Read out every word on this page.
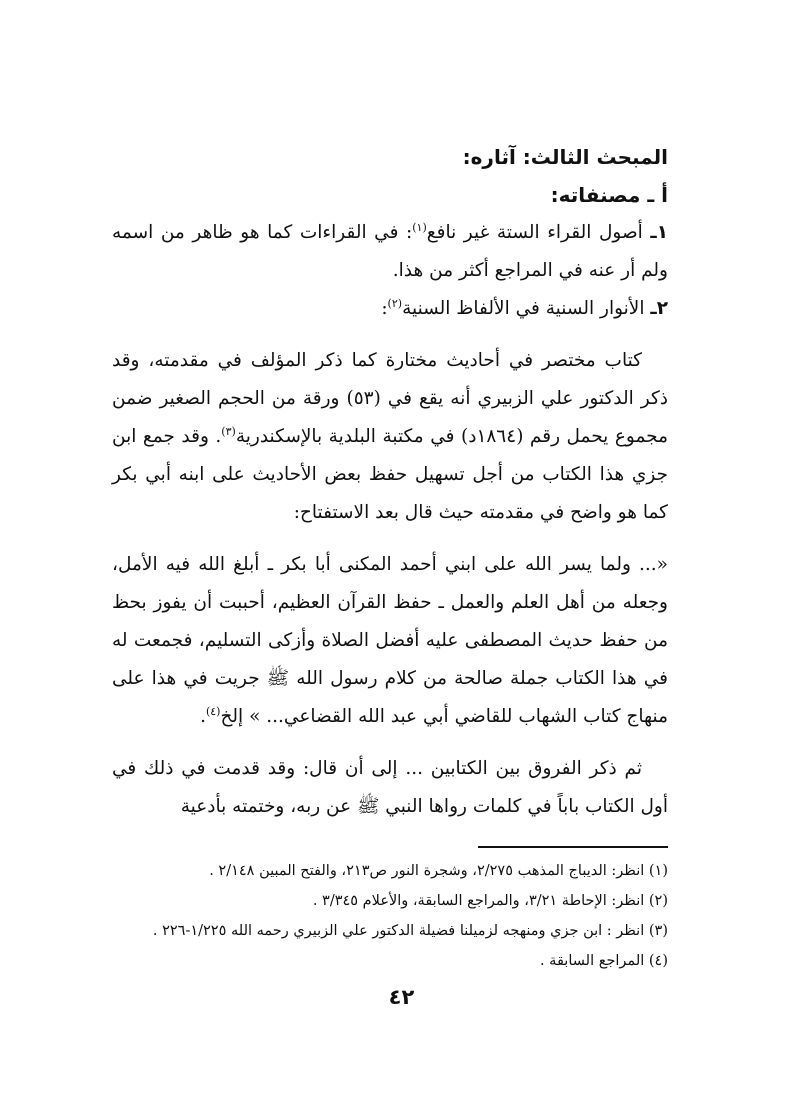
المبحث الثالث: آثاره:

أ ـ مصنفاته:

١ـ أصول القراء الستة غير نافع$^{(١)}$: في القراءات كما هو ظاهر من اسمه ولم أر عنه في المراجع أكثر من هذا.

٢ـ الأنوار السنية في الألفاظ السنية$^{(٢)}$:

كتاب مختصر في أحاديث مختارة كما ذكر المؤلف في مقدمته، وقد ذكر الدكتور علي الزبيري أنه يقع في (٥٣) ورقة من الحجم الصغير ضمن مجموع يحمل رقم (١٨٦٤د) في مكتبة البلدية بالإسكندرية$^{(٣)}$. وقد جمع ابن جزي هذا الكتاب من أجل تسهيل حفظ بعض الأحاديث على ابنه أبي بكر كما هو واضح في مقدمته حيث قال بعد الاستفتاح:

«... ولما يسر الله على ابني أحمد المكنى أبا بكر ـ أبلغ الله فيه الأمل، وجعله من أهل العلم والعمل ـ حفظ القرآن العظيم، أحببت أن يفوز بحظ من حفظ حديث المصطفى عليه أفضل الصلاة وأزكى التسليم، فجمعت له في هذا الكتاب جملة صالحة من كلام رسول الله ﷺ جريت في هذا على منهاج كتاب الشهاب للقاضي أبي عبد الله القضاعي... » إلخ$^{(٤)}$.

ثم ذكر الفروق بين الكتابين ... إلى أن قال: وقد قدمت في ذلك في أول الكتاب باباً في كلمات رواها النبي ﷺ عن ربه، وختمته بأدعية

(١) انظر: الديباج المذهب ٢/٢٧٥، وشجرة النور ص٢١٣، والفتح المبين ٢/١٤٨ .

(٢) انظر: الإحاطة ٣/٢١، والمراجع السابقة، والأعلام ٣/٣٤٥ .

(٣) انظر : ابن جزي ومنهجه لزميلنا فضيلة الدكتور علي الزبيري رحمه الله ١/٢٢٥-٢٢٦ .

(٤) المراجع السابقة .

٤٢
